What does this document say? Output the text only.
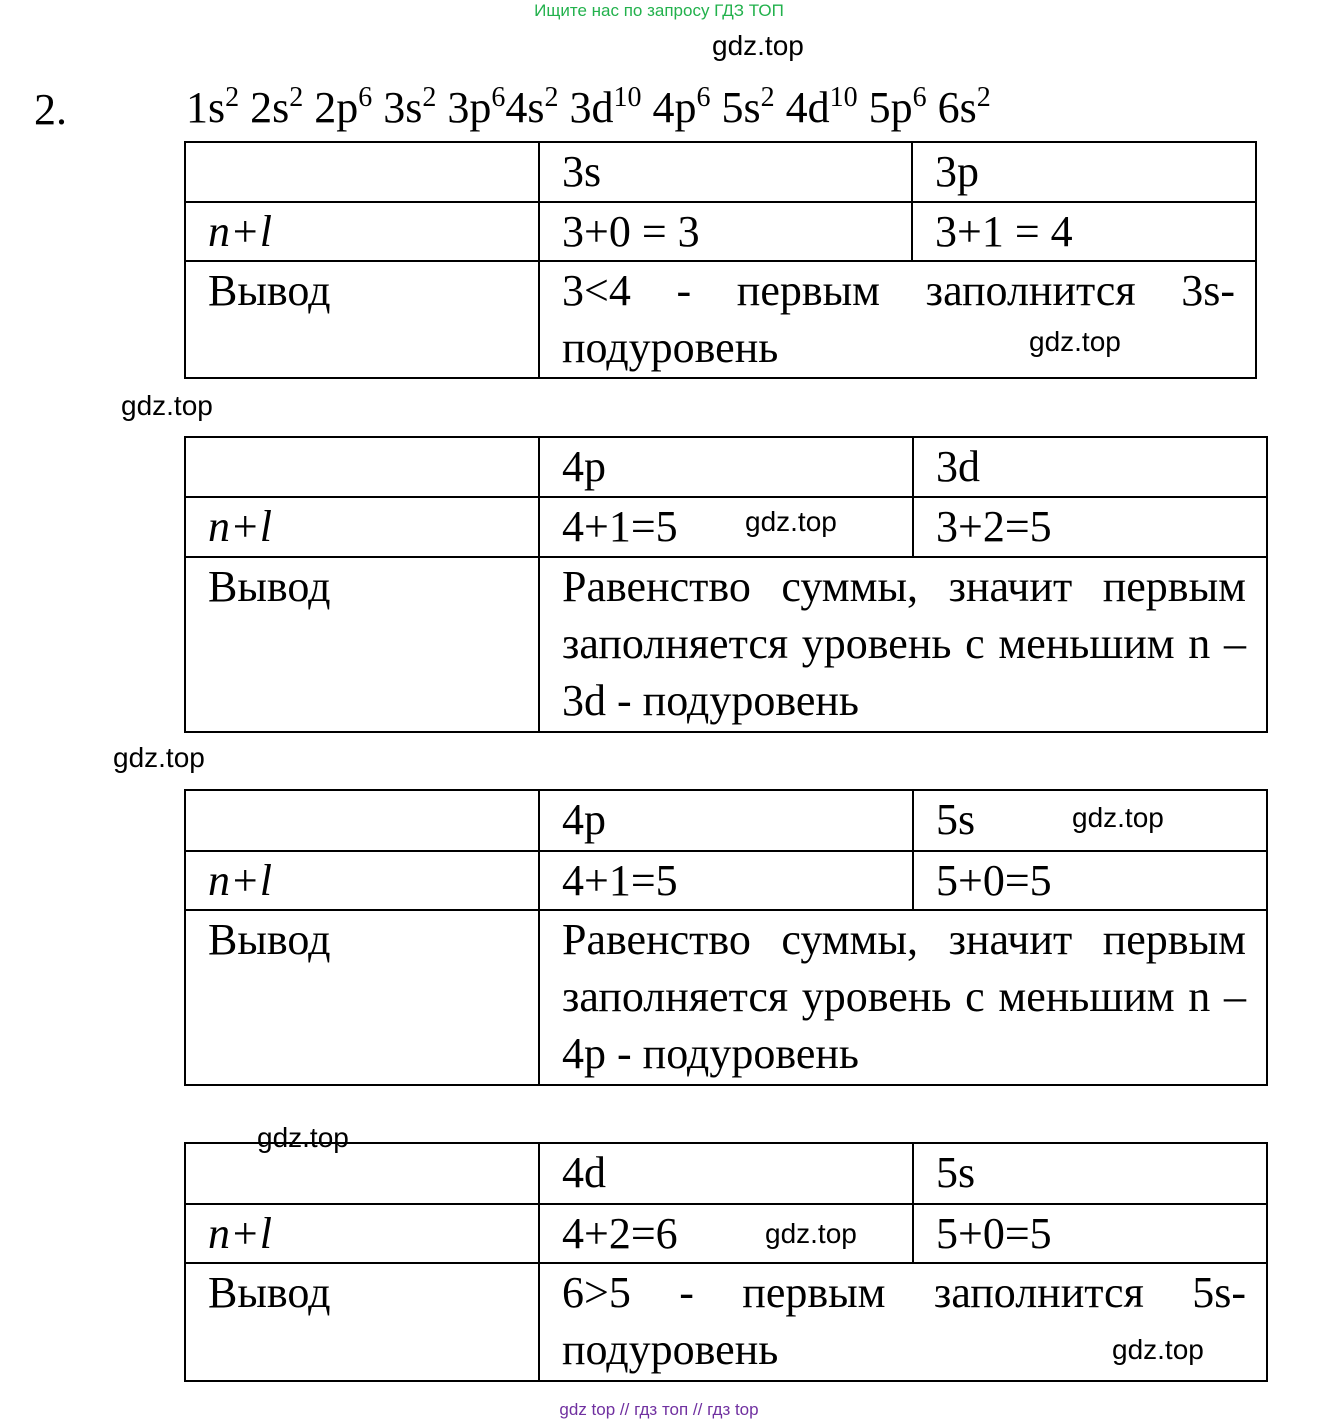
Ищите нас по запросу ГДЗ ТОП
2.	$1s^2$ $2s^2$ $2p^6$ $3s^2$ $3p^64s^2$ $3d^{10}$ $4p^6$ $5s^2$ $4d^{10}$ $5p^6$ $6s^2$
	3s	3p
n+l	3+0 = 3	3+1 = 4
Вывод	3<4 - первым заполнится 3s-подуровень	
	4p	3d
n+l	4+1=5	3+2=5
Вывод	Равенство суммы, значит первым заполняется уровень с меньшим n – 3d - подуровень	
	4p	5s
n+l	4+1=5	5+0=5
Вывод	Равенство суммы, значит первым заполняется уровень с меньшим n – 4p - подуровень	
	4d	5s
n+l	4+2=6	5+0=5
Вывод	6>5 - первым заполнится 5s-подуровень	
gdz.top
gdz.top
gdz.top
gdz.top
gdz.top
gdz.top
gdz.top
gdz.top
gdz.top
gdz top // гдз топ // гдз top
